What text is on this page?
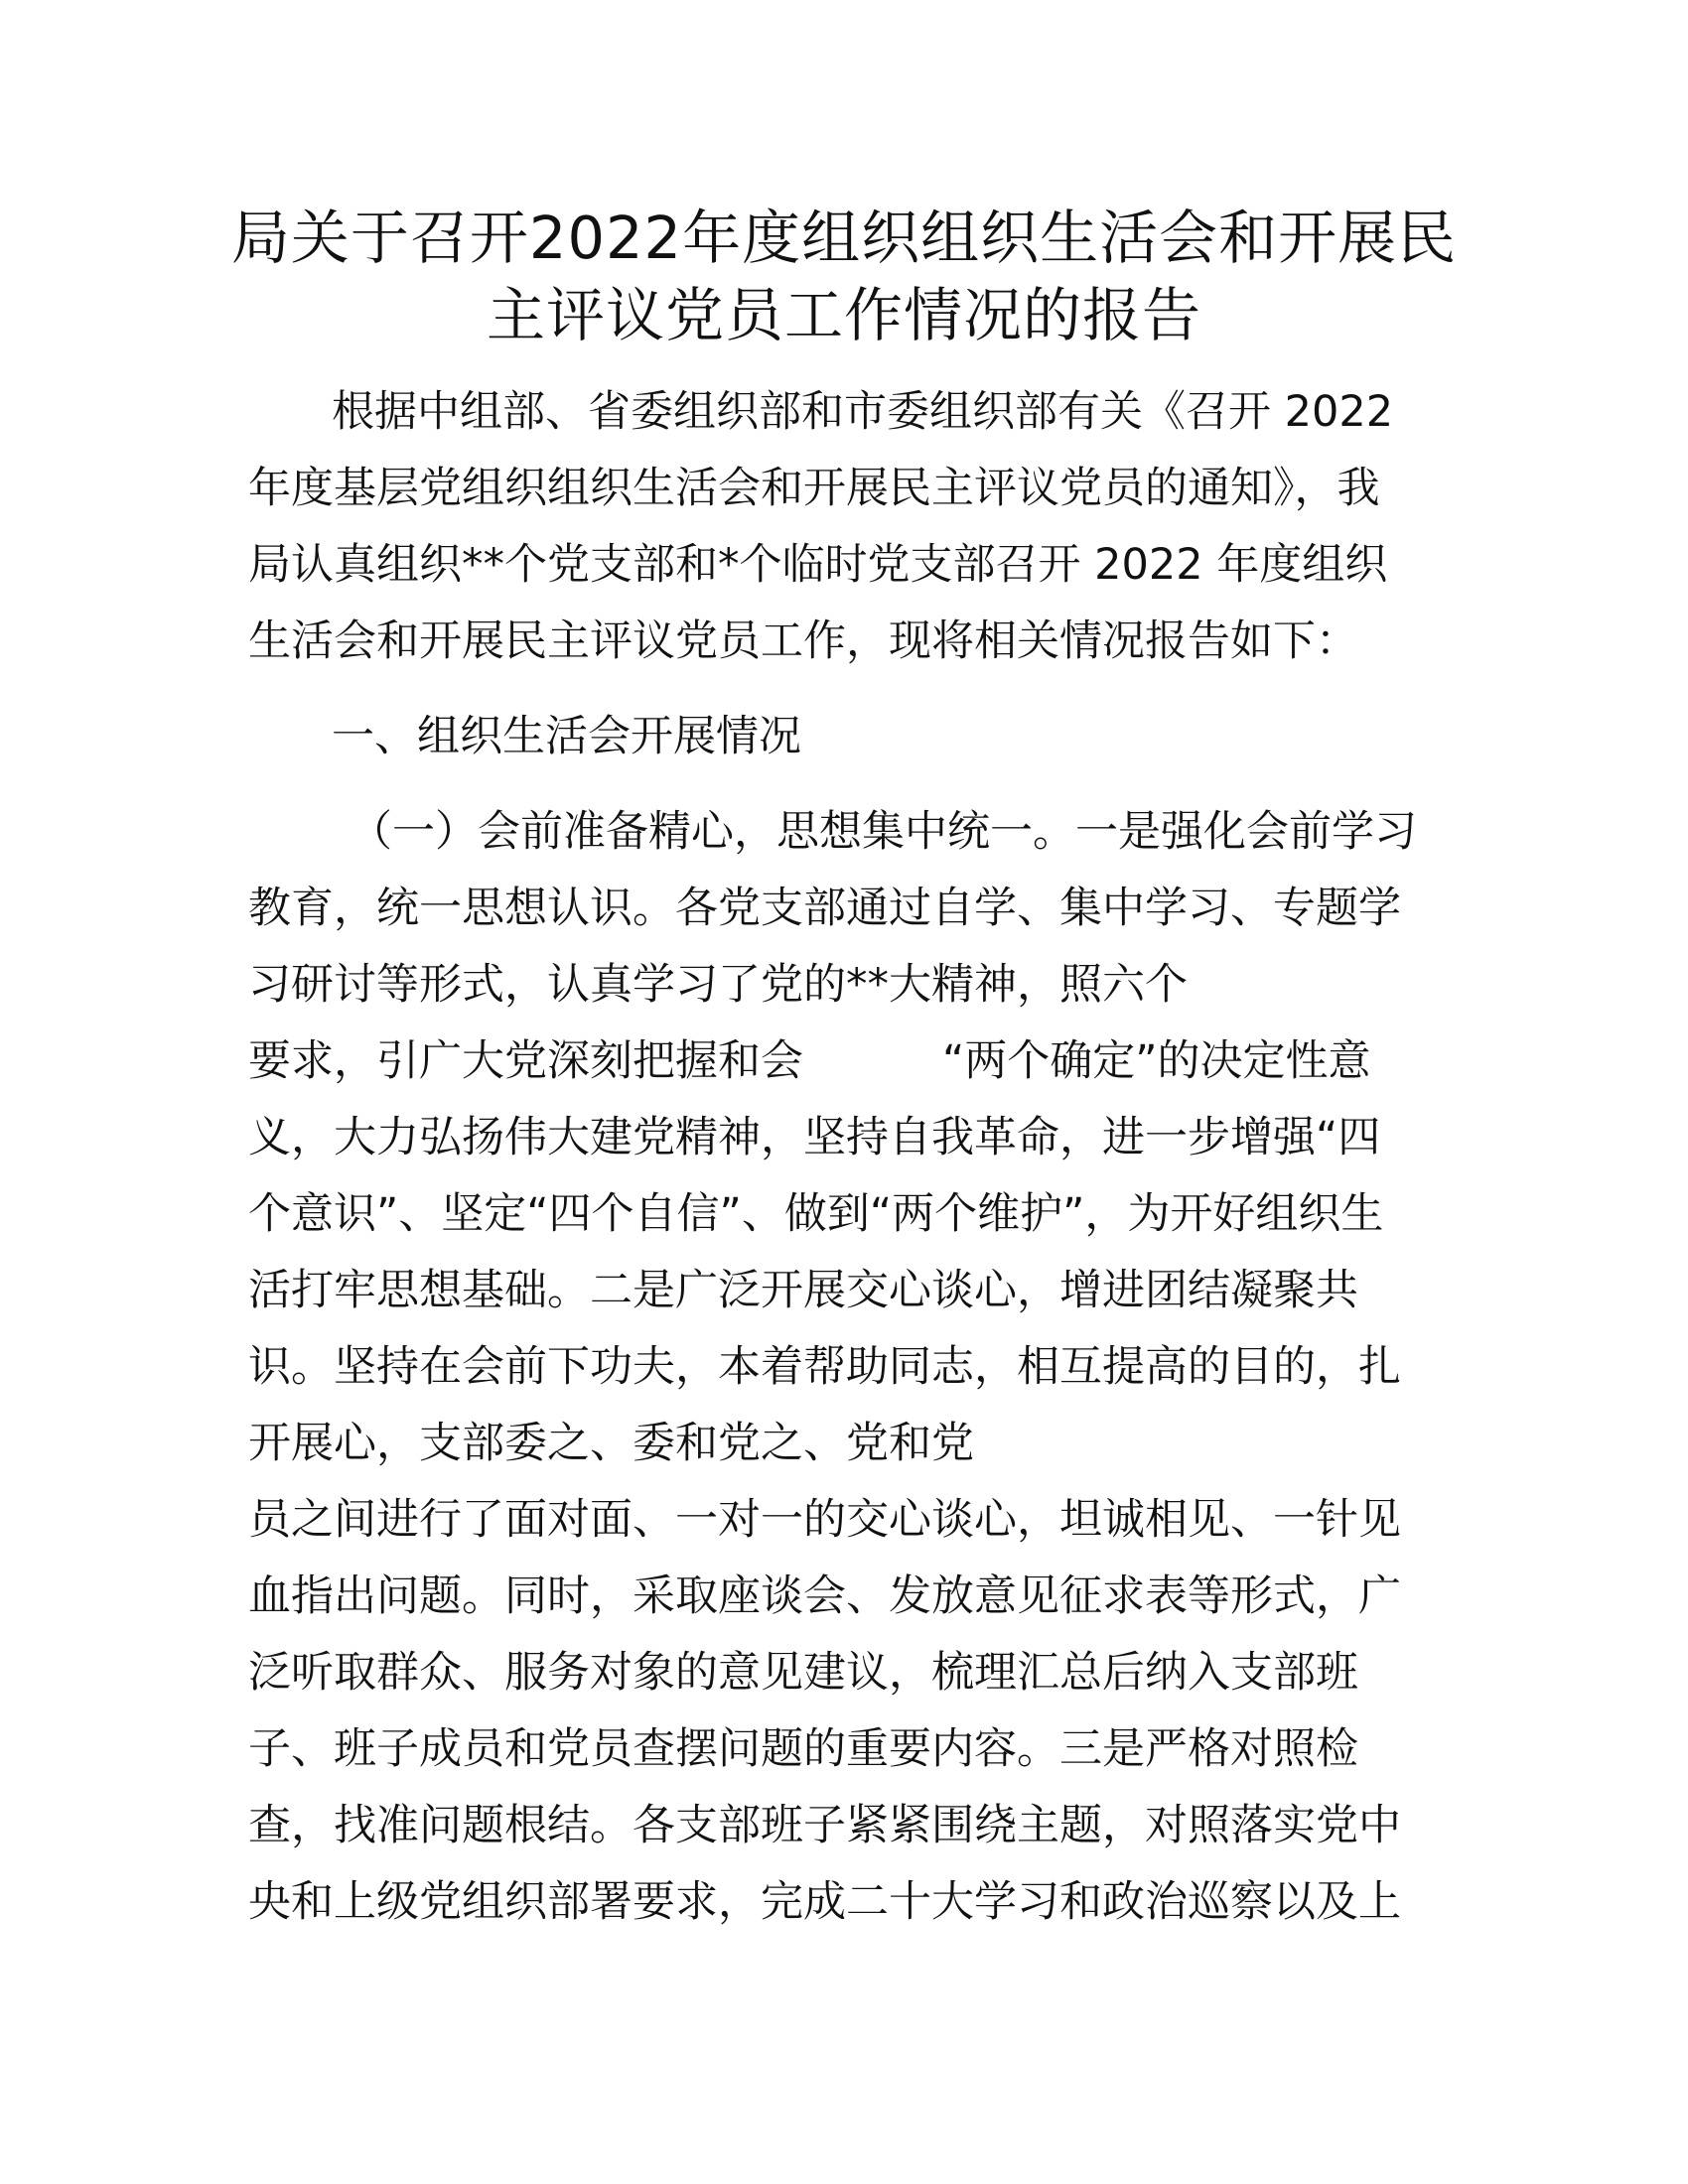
局关于召开2022年度组织组织生活会和开展民
主评议党员工作情况的报告
根据中组部、省委组织部和市委组织部有关《召开 2022
年度基层党组织组织生活会和开展民主评议党员的通知》，我
局认真组织**个党支部和*个临时党支部召开 2022 年度组织
生活会和开展民主评议党员工作，现将相关情况报告如下：
一、组织生活会开展情况
（一）会前准备精心，思想集中统一。一是强化会前学习
教育，统一思想认识。各党支部通过自学、集中学习、专题学
习研讨等形式，认真学习了党的**大精神，照六个
要求，引广大党深刻把握和会	“两个确定”的决定性意
义，大力弘扬伟大建党精神，坚持自我革命，进一步增强“四
个意识”、坚定“四个自信”、做到“两个维护”，为开好组织生
活打牢思想基础。二是广泛开展交心谈心，增进团结凝聚共
识。坚持在会前下功夫，本着帮助同志，相互提高的目的，扎
开展心，支部委之、委和党之、党和党
员之间进行了面对面、一对一的交心谈心，坦诚相见、一针见
血指出问题。同时，采取座谈会、发放意见征求表等形式，广
泛听取群众、服务对象的意见建议，梳理汇总后纳入支部班
子、班子成员和党员查摆问题的重要内容。三是严格对照检
查，找准问题根结。各支部班子紧紧围绕主题，对照落实党中
央和上级党组织部署要求，完成二十大学习和政治巡察以及上
